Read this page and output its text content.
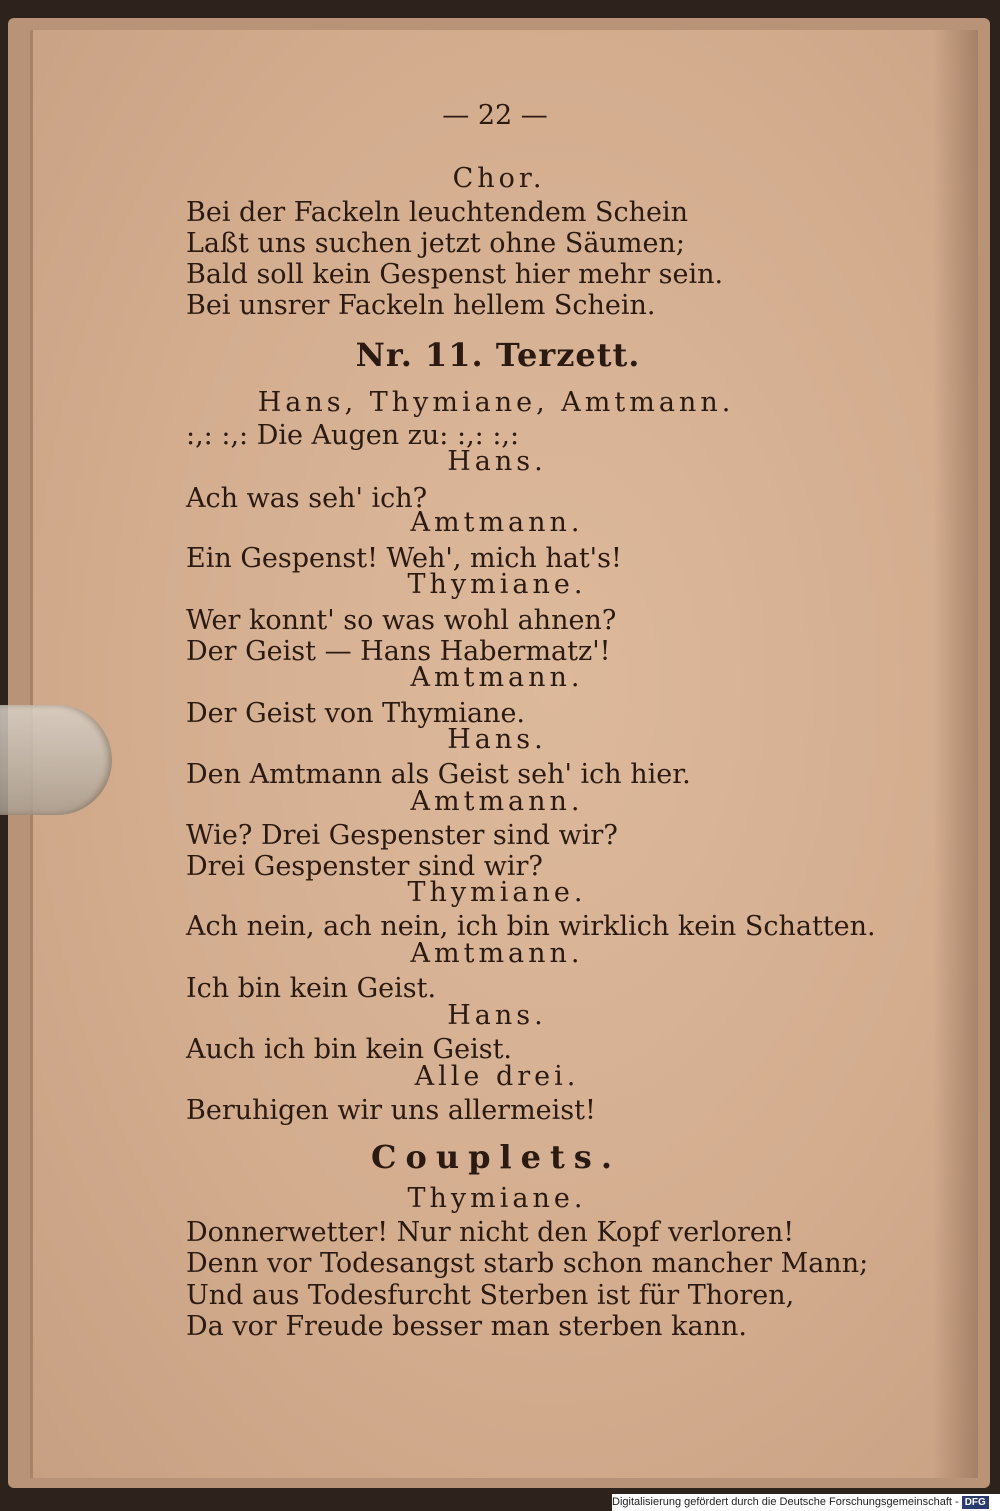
— 22 —
Chor.
Bei der Fackeln leuchtendem Schein
Laßt uns suchen jetzt ohne Säumen;
Bald soll kein Gespenst hier mehr sein.
Bei unsrer Fackeln hellem Schein.
Nr. 11. Terzett.
Hans, Thymiane, Amtmann.
:,: :,: Die Augen zu: :,: :,:
Hans.
Ach was seh' ich?
Amtmann.
Ein Gespenst! Weh', mich hat's!
Thymiane.
Wer konnt' so was wohl ahnen?
Der Geist — Hans Habermatz'!
Amtmann.
Der Geist von Thymiane.
Hans.
Den Amtmann als Geist seh' ich hier.
Amtmann.
Wie? Drei Gespenster sind wir?
Drei Gespenster sind wir?
Thymiane.
Ach nein, ach nein, ich bin wirklich kein Schatten.
Amtmann.
Ich bin kein Geist.
Hans.
Auch ich bin kein Geist.
Alle drei.
Beruhigen wir uns allermeist!
Couplets.
Thymiane.
Donnerwetter! Nur nicht den Kopf verloren!
Denn vor Todesangst starb schon mancher Mann;
Und aus Todesfurcht Sterben ist für Thoren,
Da vor Freude besser man sterben kann.
Digitalisierung gefördert durch die Deutsche Forschungsgemeinschaft - DFG
